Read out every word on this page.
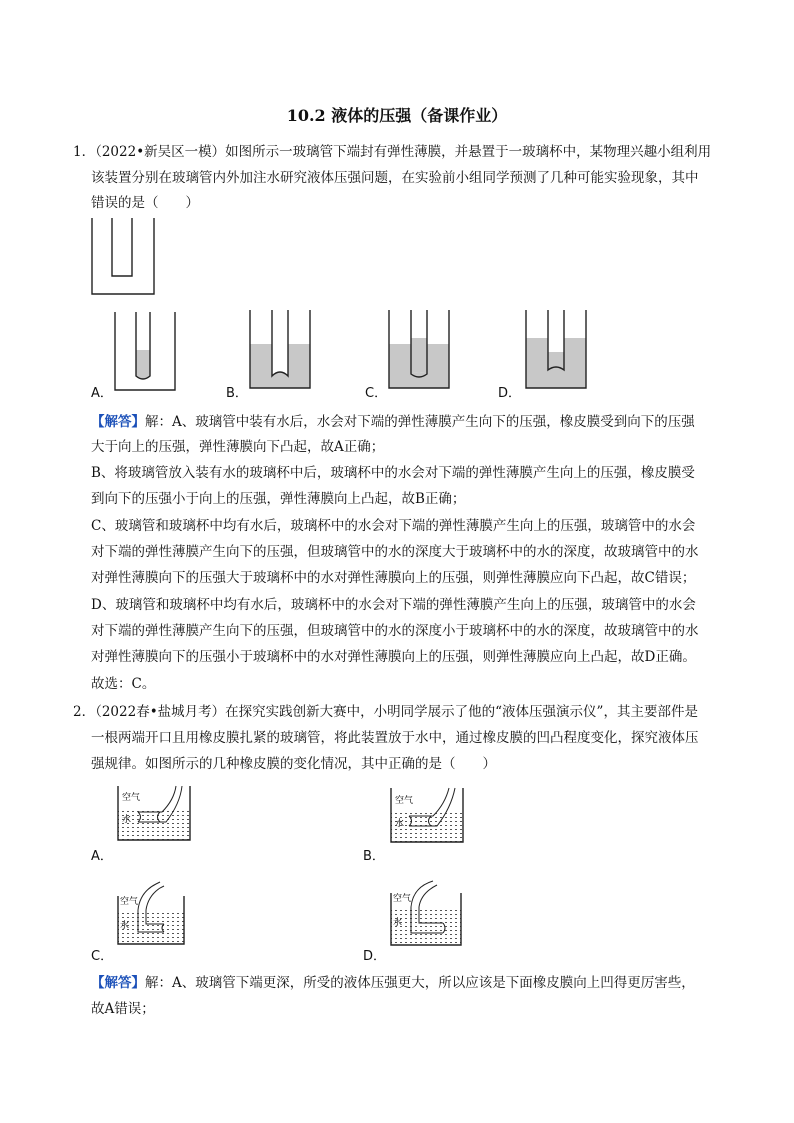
10.2 液体的压强（备课作业）
1．（2022•新吴区一模）如图所示一玻璃管下端封有弹性薄膜，并悬置于一玻璃杯中，某物理兴趣小组利用
该装置分别在玻璃管内外加注水研究液体压强问题，在实验前小组同学预测了几种可能实验现象，其中
错误的是（　　）
A．	B．	C．	D．
【解答】解：A、玻璃管中装有水后，水会对下端的弹性薄膜产生向下的压强，橡皮膜受到向下的压强
大于向上的压强，弹性薄膜向下凸起，故A正确；
B、将玻璃管放入装有水的玻璃杯中后，玻璃杯中的水会对下端的弹性薄膜产生向上的压强，橡皮膜受
到向下的压强小于向上的压强，弹性薄膜向上凸起，故B正确；
C、玻璃管和玻璃杯中均有水后，玻璃杯中的水会对下端的弹性薄膜产生向上的压强，玻璃管中的水会
对下端的弹性薄膜产生向下的压强，但玻璃管中的水的深度大于玻璃杯中的水的深度，故玻璃管中的水
对弹性薄膜向下的压强大于玻璃杯中的水对弹性薄膜向上的压强，则弹性薄膜应向下凸起，故C错误；
D、玻璃管和玻璃杯中均有水后，玻璃杯中的水会对下端的弹性薄膜产生向上的压强，玻璃管中的水会
对下端的弹性薄膜产生向下的压强，但玻璃管中的水的深度小于玻璃杯中的水的深度，故玻璃管中的水
对弹性薄膜向下的压强小于玻璃杯中的水对弹性薄膜向上的压强，则弹性薄膜应向上凸起，故D正确。
故选：C。
2．（2022春•盐城月考）在探究实践创新大赛中，小明同学展示了他的“液体压强演示仪”，其主要部件是
一根两端开口且用橡皮膜扎紧的玻璃管，将此装置放于水中，通过橡皮膜的凹凸程度变化，探究液体压
强规律。如图所示的几种橡皮膜的变化情况，其中正确的是（　　）
空气
水
A．
空气
水
B．
空气
水
C．
空气
水
D．
【解答】解：A、玻璃管下端更深，所受的液体压强更大，所以应该是下面橡皮膜向上凹得更厉害些，
故A错误；
